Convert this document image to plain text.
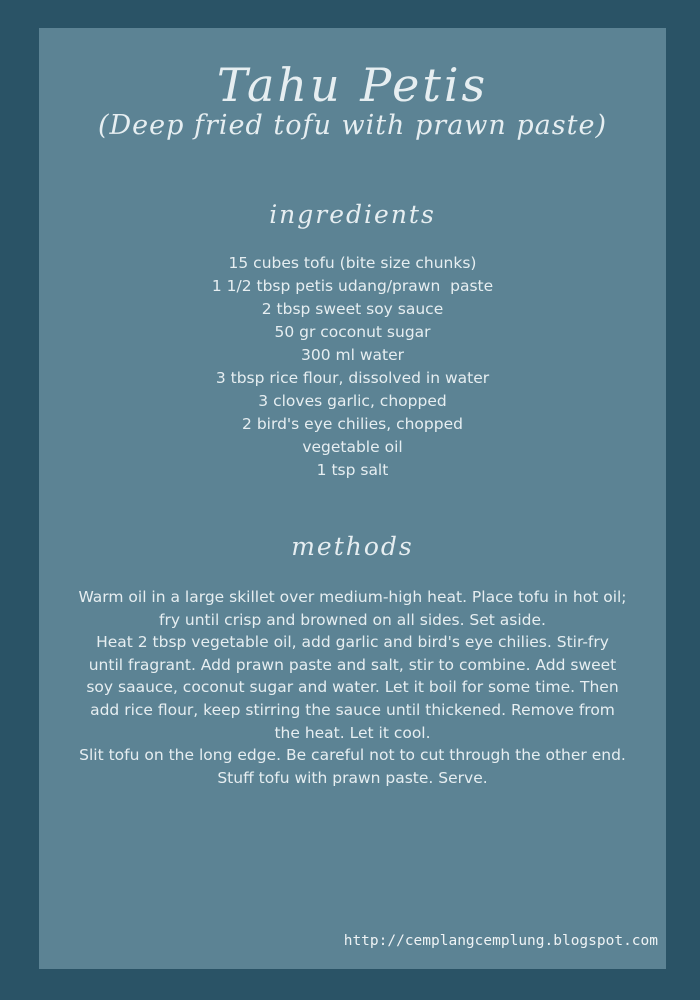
Tahu Petis
(Deep fried tofu with prawn paste)
ingredients
15 cubes tofu (bite size chunks)
1 1/2 tbsp petis udang/prawn  paste
2 tbsp sweet soy sauce
50 gr coconut sugar
300 ml water
3 tbsp rice flour, dissolved in water
3 cloves garlic, chopped
2 bird's eye chilies, chopped
vegetable oil
1 tsp salt
methods

Warm oil in a large skillet over medium-high heat. Place tofu in hot oil; fry until crisp and browned on all sides. Set aside.

Heat 2 tbsp vegetable oil, add garlic and bird's eye chilies. Stir-fry until fragrant. Add prawn paste and salt, stir to combine. Add sweet soy saauce, coconut sugar and water. Let it boil for some time. Then add rice flour, keep stirring the sauce until thickened. Remove from the heat. Let it cool.

Slit tofu on the long edge. Be careful not to cut through the other end. Stuff tofu with prawn paste. Serve.

http://cemplangcemplung.blogspot.com
